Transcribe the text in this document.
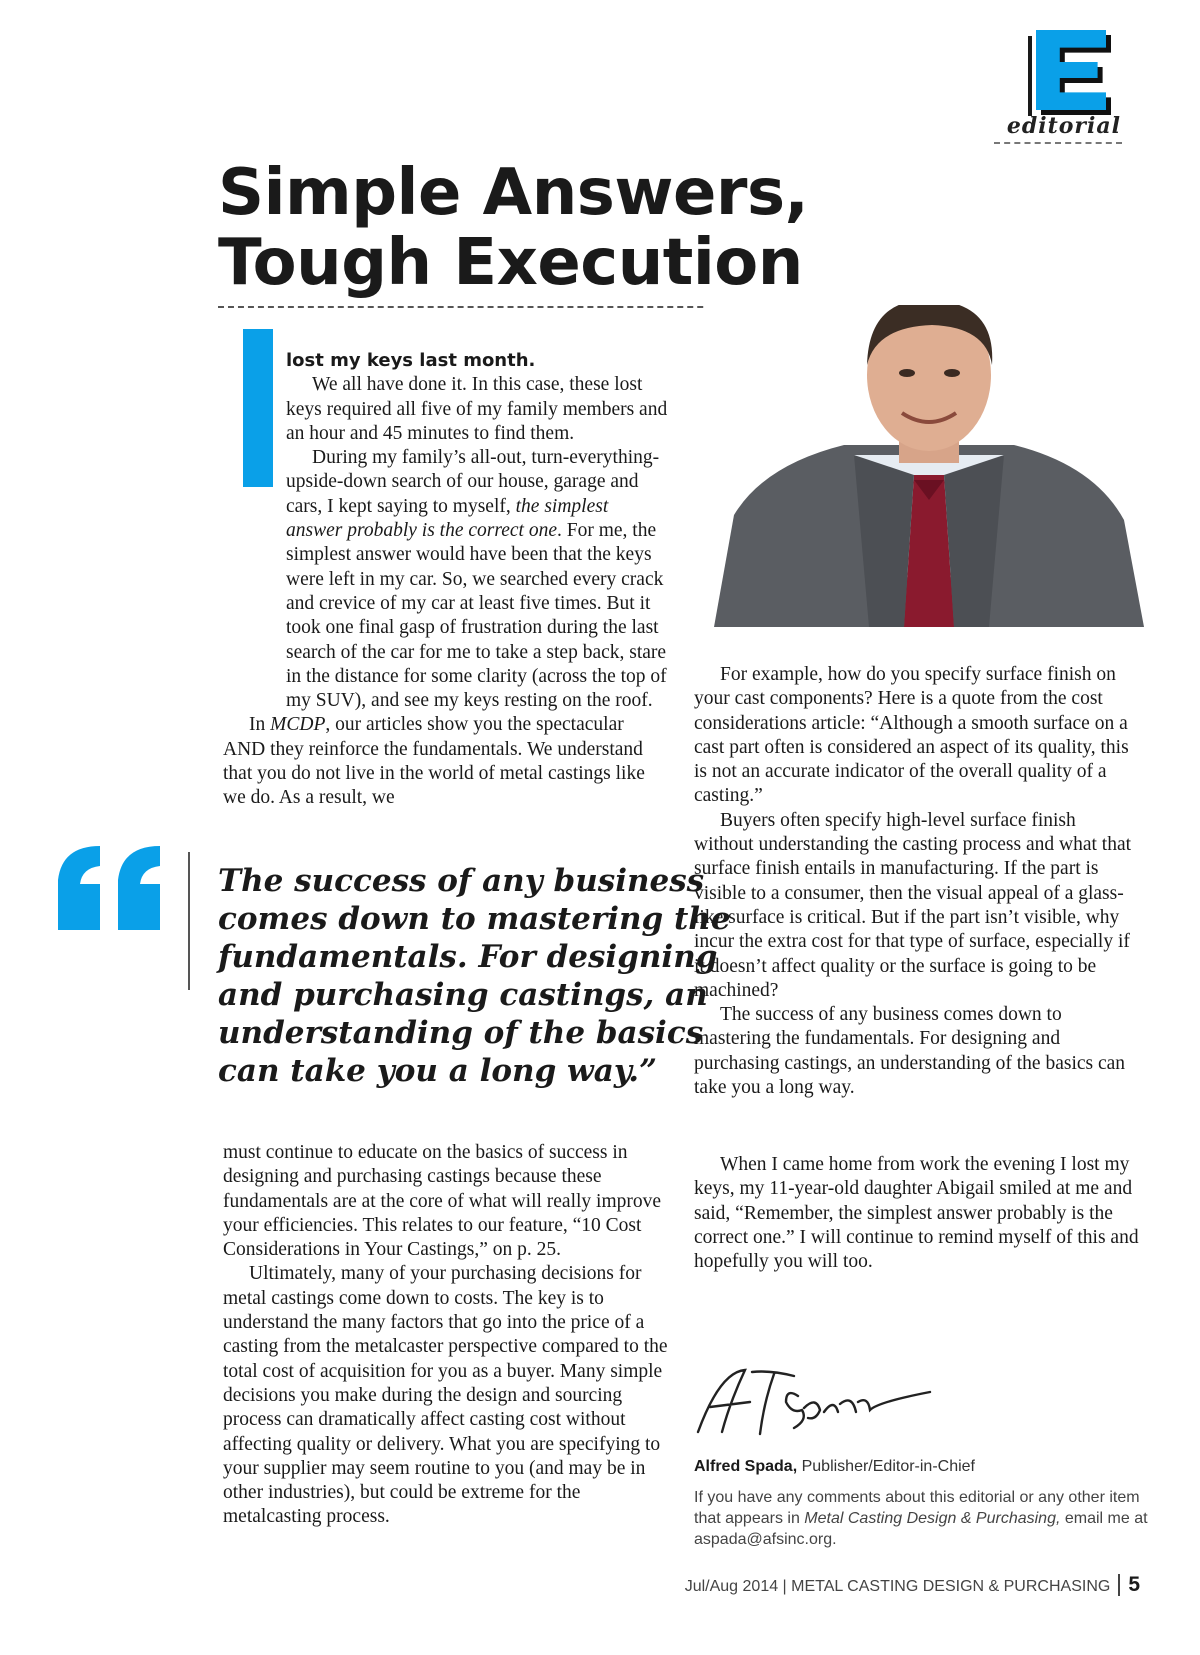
editorial
Simple Answers, Tough Execution

lost my keys last month.

We all have done it. In this case, these lost keys required all five of my family members and an hour and 45 minutes to find them.

During my family’s all-out, turn-everything-upside-down search of our house, garage and cars, I kept saying to myself, the simplest answer probably is the correct one. For me, the simplest answer would have been that the keys were left in my car. So, we searched every crack and crevice of my car at least five times. But it took one final gasp of frustration during the last search of the car for me to take a step back, stare in the distance for some clarity (across the top of my SUV), and see my keys resting on the roof.

In MCDP, our articles show you the spectacular AND they reinforce the fundamentals. We understand that you do not live in the world of metal castings like we do. As a result, we

For example, how do you specify surface finish on your cast components? Here is a quote from the cost considerations article: “Although a smooth surface on a cast part often is considered an aspect of its quality, this is not an accurate indicator of the overall quality of a casting.”

Buyers often specify high-level surface finish without understanding the casting process and what that surface finish entails in manufacturing. If the part is visible to a consumer, then the visual appeal of a glass-like surface is critical. But if the part isn’t visible, why incur the extra cost for that type of surface, especially if it doesn’t affect quality or the surface is going to be machined?

The success of any business comes down to mastering the fundamentals. For designing and purchasing castings, an understanding of the basics can take you a long way.

The success of any business comes down to mastering the fundamentals. For designing and purchasing castings, an understanding of the basics can take you a long way.”

must continue to educate on the basics of success in designing and purchasing castings because these fundamentals are at the core of what will really improve your efficiencies. This relates to our feature, “10 Cost Considerations in Your Castings,” on p. 25.

Ultimately, many of your purchasing decisions for metal castings come down to costs. The key is to understand the many factors that go into the price of a casting from the metalcaster perspective compared to the total cost of acquisition for you as a buyer. Many simple decisions you make during the design and sourcing process can dramatically affect casting cost without affecting quality or delivery. What you are specifying to your supplier may seem routine to you (and may be in other industries), but could be extreme for the metalcasting process.

When I came home from work the evening I lost my keys, my 11-year-old daughter Abigail smiled at me and said, “Remember, the simplest answer probably is the correct one.” I will continue to remind myself of this and hopefully you will too.

Alfred Spada, Publisher/Editor-in-Chief

If you have any comments about this editorial or any other item that appears in Metal Casting Design & Purchasing, email me at aspada@afsinc.org.

Jul/Aug 2014 | METAL CASTING DESIGN & PURCHASING 5
